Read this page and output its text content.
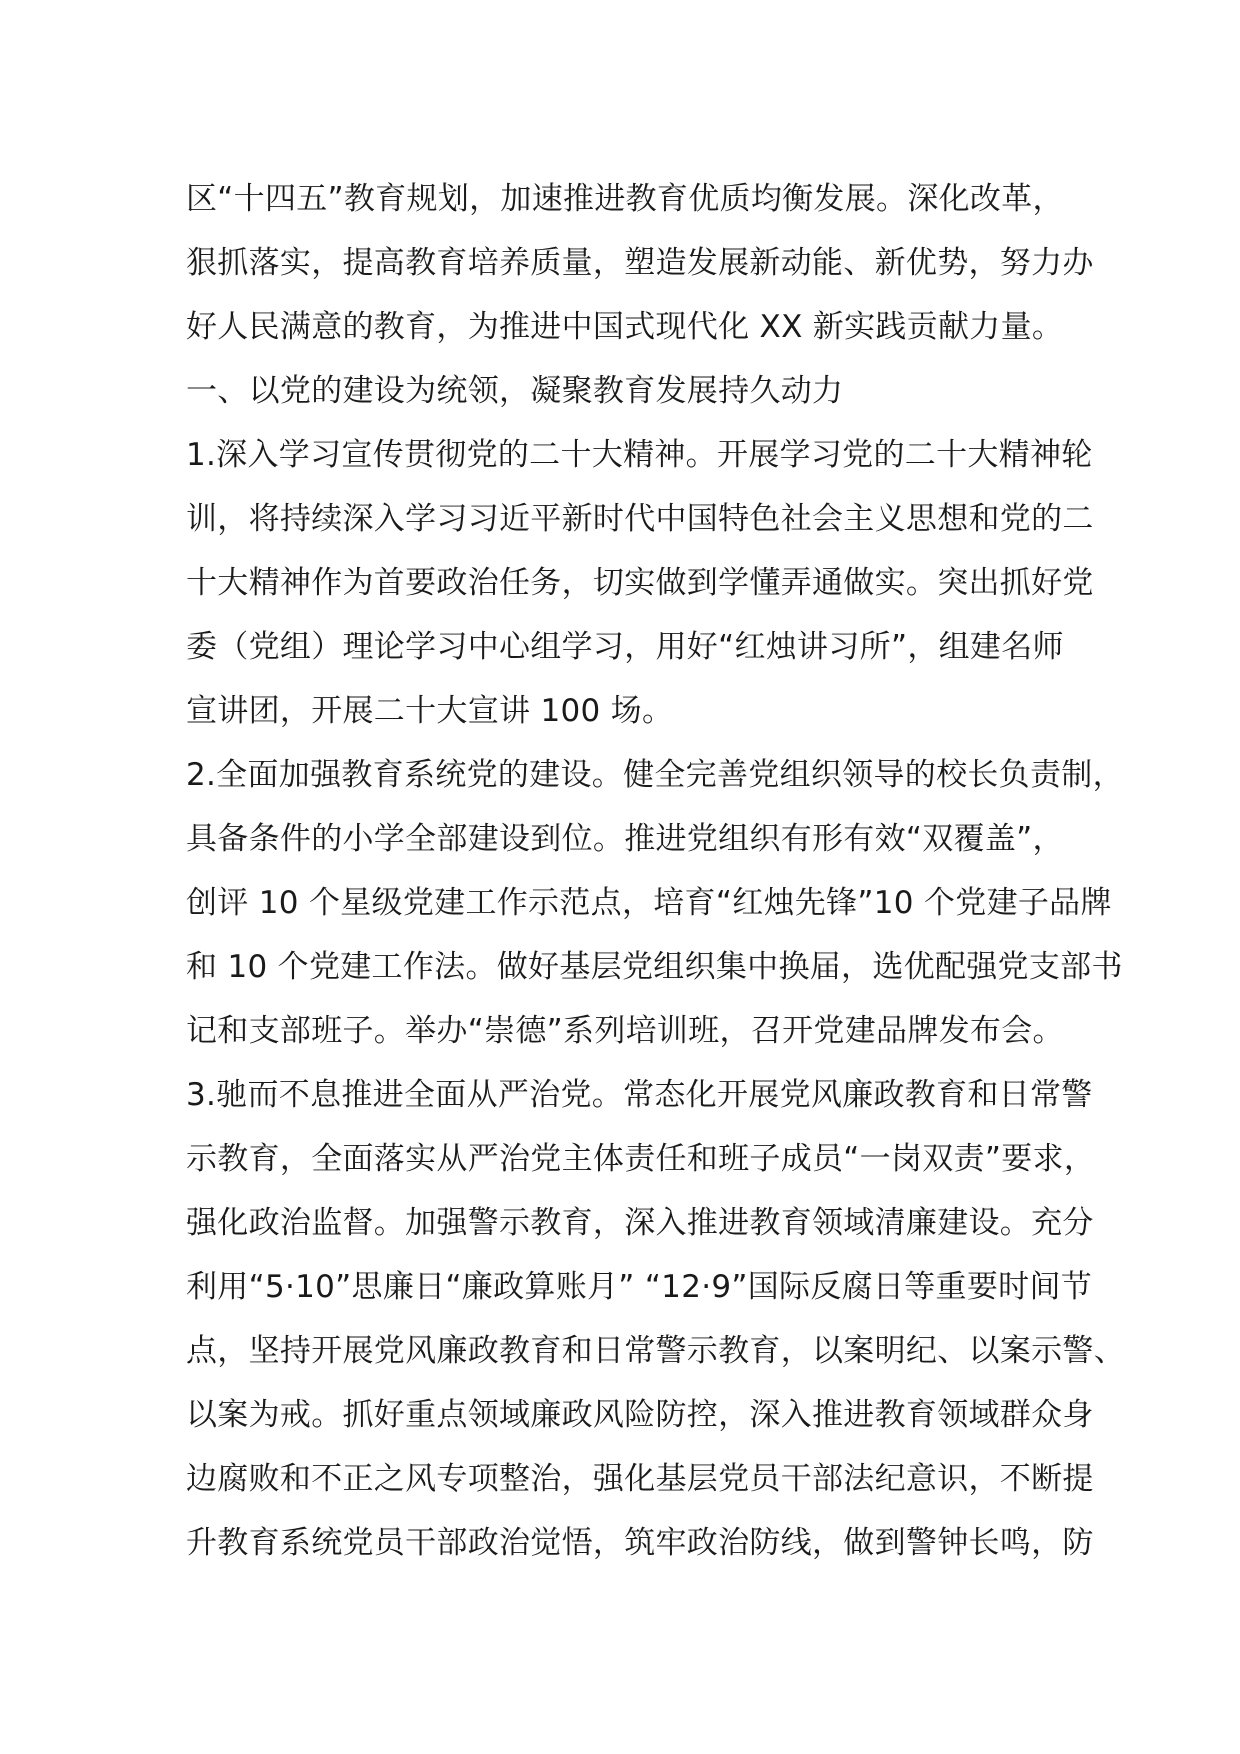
区“十四五”教育规划，加速推进教育优质均衡发展。深化改革，
狠抓落实，提高教育培养质量，塑造发展新动能、新优势，努力办
好人民满意的教育，为推进中国式现代化 XX 新实践贡献力量。
一、以党的建设为统领，凝聚教育发展持久动力
1.深入学习宣传贯彻党的二十大精神。开展学习党的二十大精神轮
训，将持续深入学习习近平新时代中国特色社会主义思想和党的二
十大精神作为首要政治任务，切实做到学懂弄通做实。突出抓好党
委（党组）理论学习中心组学习，用好“红烛讲习所”，组建名师
宣讲团，开展二十大宣讲 100 场。
2.全面加强教育系统党的建设。健全完善党组织领导的校长负责制，
具备条件的小学全部建设到位。推进党组织有形有效“双覆盖”，
创评 10 个星级党建工作示范点，培育“红烛先锋”10 个党建子品牌
和 10 个党建工作法。做好基层党组织集中换届，选优配强党支部书
记和支部班子。举办“崇德”系列培训班，召开党建品牌发布会。
3.驰而不息推进全面从严治党。常态化开展党风廉政教育和日常警
示教育，全面落实从严治党主体责任和班子成员“一岗双责”要求，
强化政治监督。加强警示教育，深入推进教育领域清廉建设。充分
利用“5·10”思廉日“廉政算账月” “12·9”国际反腐日等重要时间节
点，坚持开展党风廉政教育和日常警示教育，以案明纪、以案示警、
以案为戒。抓好重点领域廉政风险防控，深入推进教育领域群众身
边腐败和不正之风专项整治，强化基层党员干部法纪意识，不断提
升教育系统党员干部政治觉悟，筑牢政治防线，做到警钟长鸣，防
